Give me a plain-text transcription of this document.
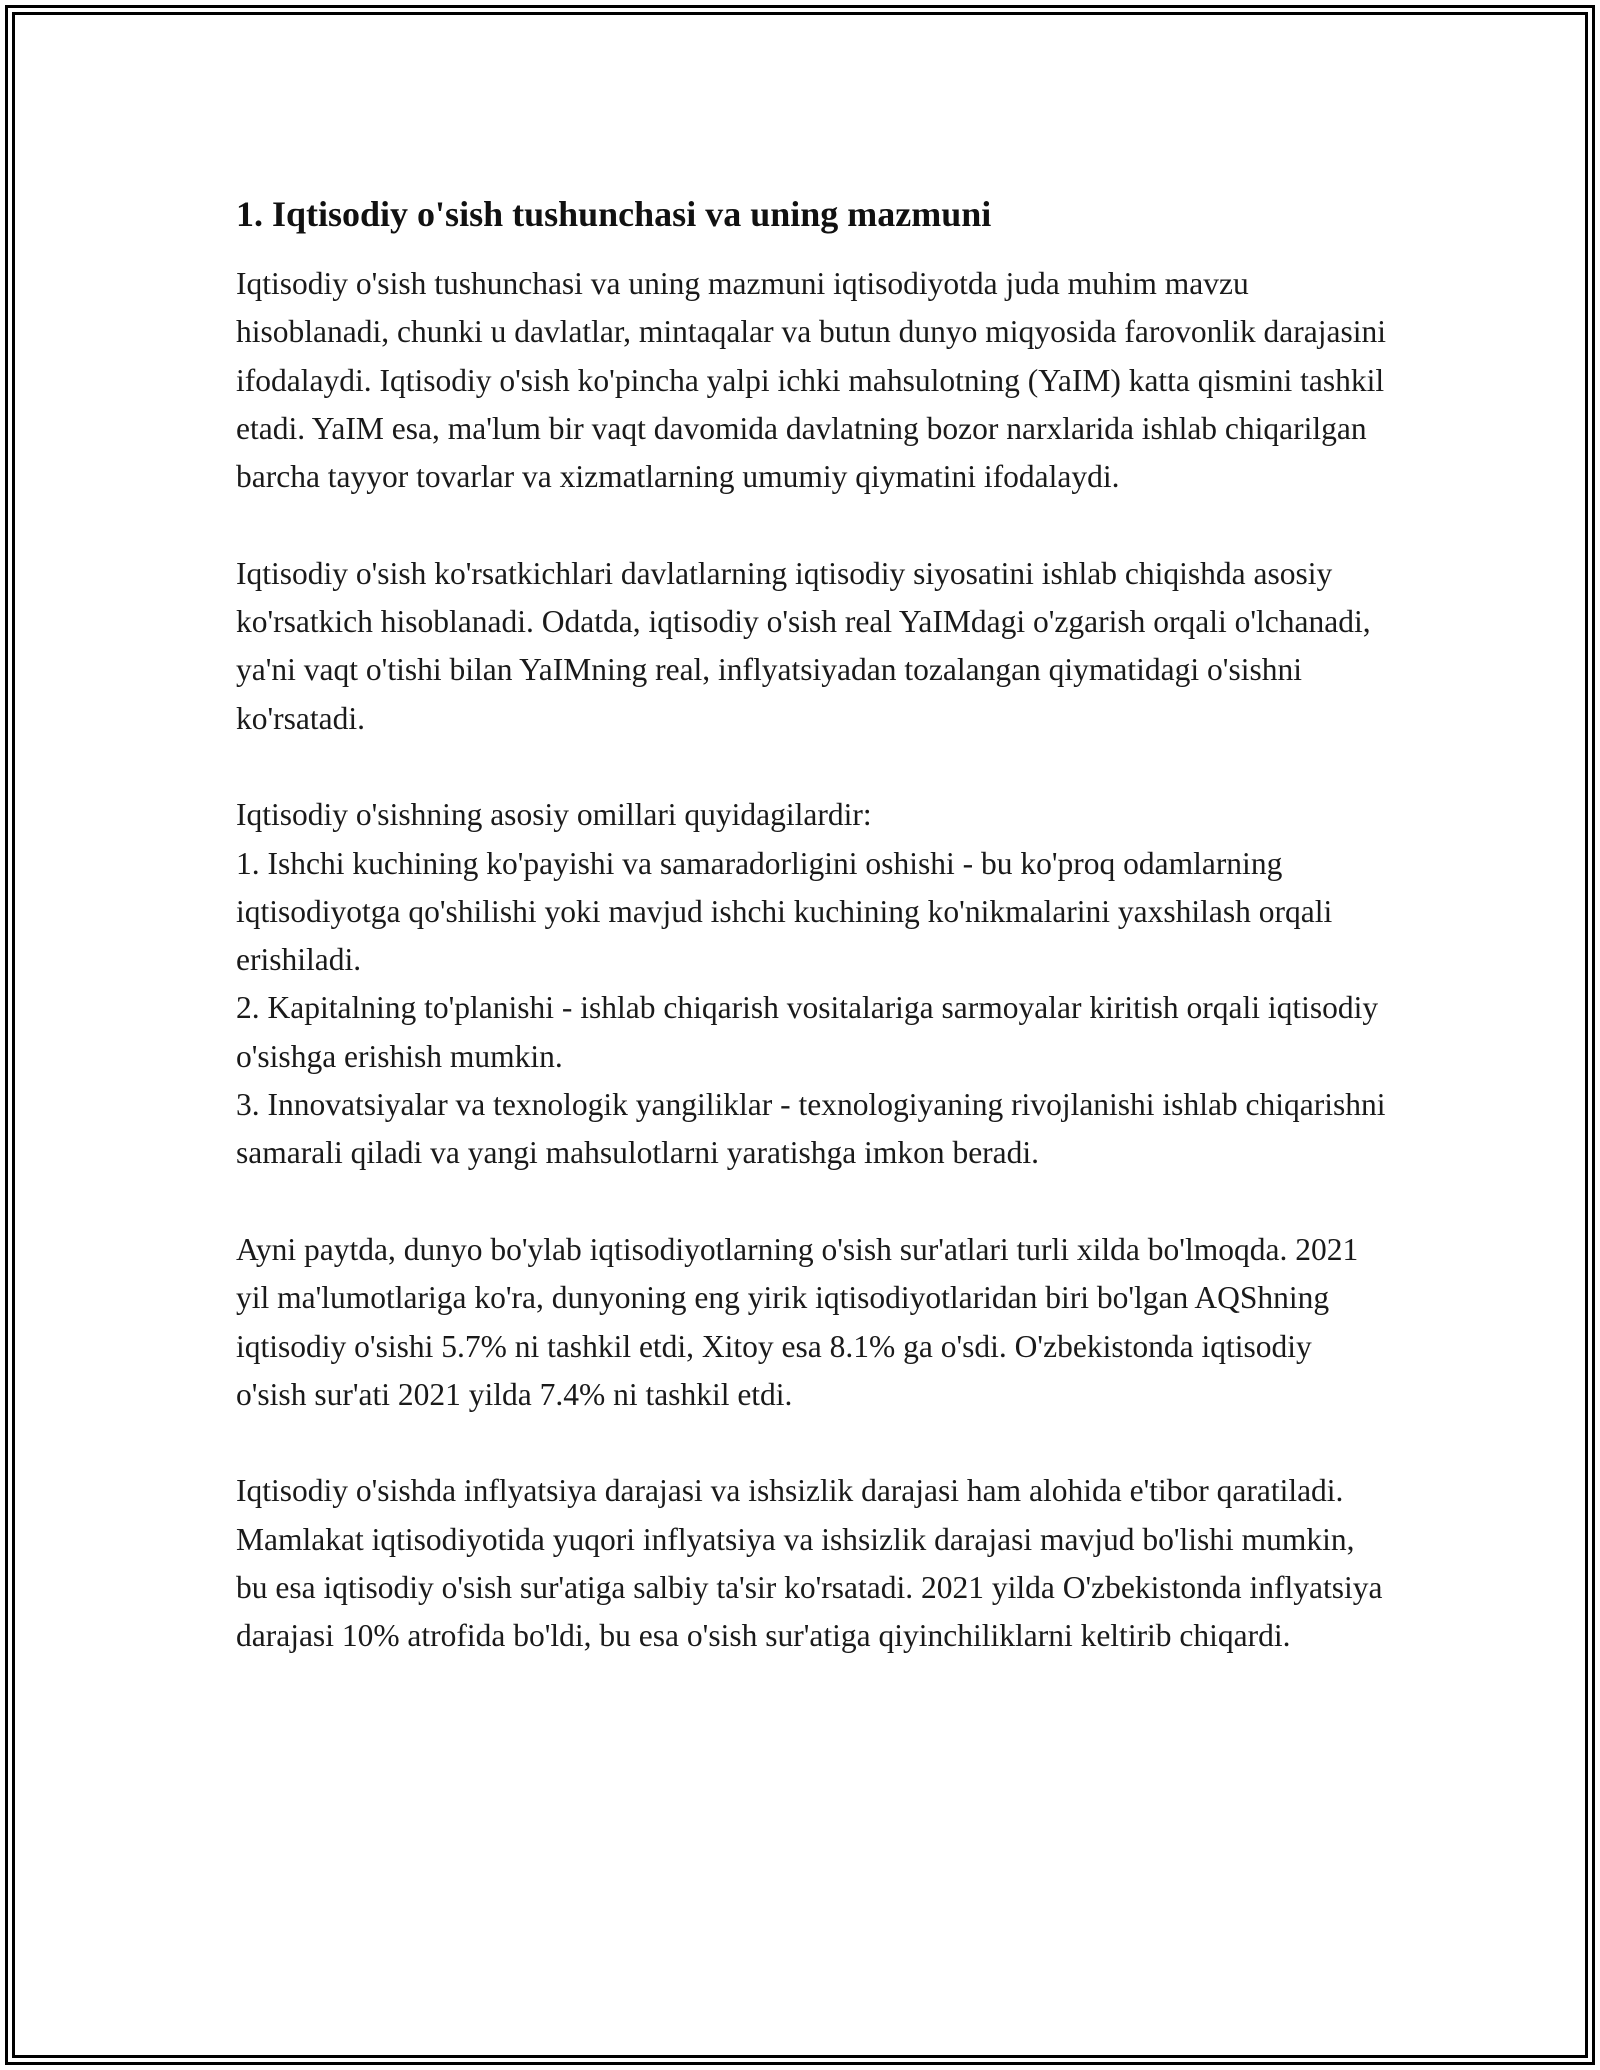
1. Iqtisodiy o'sish tushunchasi va uning mazmuni

Iqtisodiy o'sish tushunchasi va uning mazmuni iqtisodiyotda juda muhim mavzu hisoblanadi, chunki u davlatlar, mintaqalar va butun dunyo miqyosida farovonlik darajasini ifodalaydi. Iqtisodiy o'sish ko'pincha yalpi ichki mahsulotning (YaIM) katta qismini tashkil etadi. YaIM esa, ma'lum bir vaqt davomida davlatning bozor narxlarida ishlab chiqarilgan barcha tayyor tovarlar va xizmatlarning umumiy qiymatini ifodalaydi.

Iqtisodiy o'sish ko'rsatkichlari davlatlarning iqtisodiy siyosatini ishlab chiqishda asosiy ko'rsatkich hisoblanadi. Odatda, iqtisodiy o'sish real YaIMdagi o'zgarish orqali o'lchanadi, ya'ni vaqt o'tishi bilan YaIMning real, inflyatsiyadan tozalangan qiymatidagi o'sishni ko'rsatadi.

Iqtisodiy o'sishning asosiy omillari quyidagilardir:

1. Ishchi kuchining ko'payishi va samaradorligini oshishi - bu ko'proq odamlarning iqtisodiyotga qo'shilishi yoki mavjud ishchi kuchining ko'nikmalarini yaxshilash orqali erishiladi.

2. Kapitalning to'planishi - ishlab chiqarish vositalariga sarmoyalar kiritish orqali iqtisodiy o'sishga erishish mumkin.

3. Innovatsiyalar va texnologik yangiliklar - texnologiyaning rivojlanishi ishlab chiqarishni samarali qiladi va yangi mahsulotlarni yaratishga imkon beradi.

Ayni paytda, dunyo bo'ylab iqtisodiyotlarning o'sish sur'atlari turli xilda bo'lmoqda. 2021 yil ma'lumotlariga ko'ra, dunyoning eng yirik iqtisodiyotlaridan biri bo'lgan AQShning iqtisodiy o'sishi 5.7% ni tashkil etdi, Xitoy esa 8.1% ga o'sdi. O'zbekistonda iqtisodiy o'sish sur'ati 2021 yilda 7.4% ni tashkil etdi.

Iqtisodiy o'sishda inflyatsiya darajasi va ishsizlik darajasi ham alohida e'tibor qaratiladi. Mamlakat iqtisodiyotida yuqori inflyatsiya va ishsizlik darajasi mavjud bo'lishi mumkin, bu esa iqtisodiy o'sish sur'atiga salbiy ta'sir ko'rsatadi. 2021 yilda O'zbekistonda inflyatsiya darajasi 10% atrofida bo'ldi, bu esa o'sish sur'atiga qiyinchiliklarni keltirib chiqardi.
